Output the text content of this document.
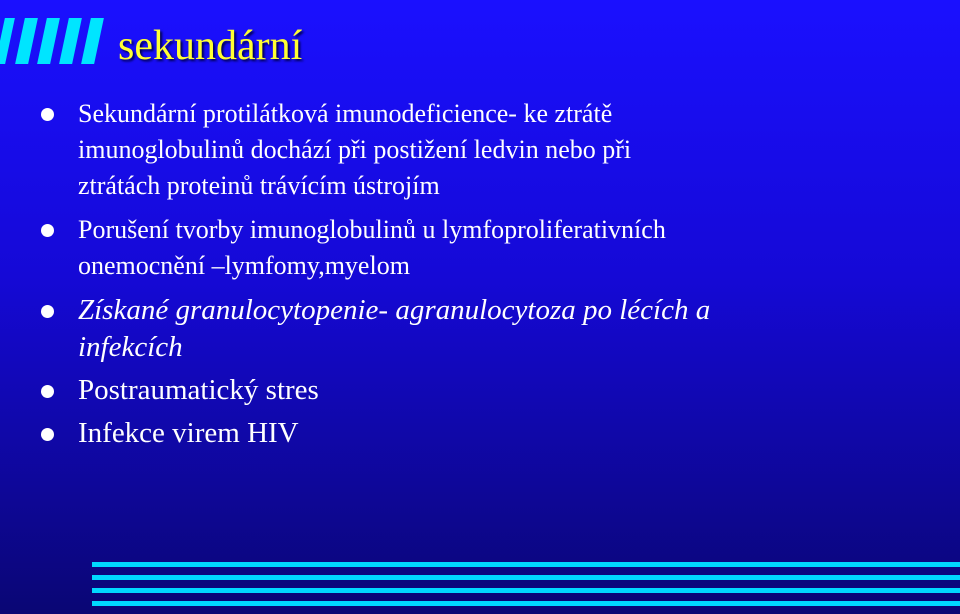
sekundární
Sekundární protilátková imunodeficience- ke ztrátě
imunoglobulinů dochází při postižení ledvin nebo při
ztrátách proteinů trávícím ústrojím
Porušení tvorby imunoglobulinů u lymfoproliferativních
onemocnění –lymfomy,myelom
Získané granulocytopenie- agranulocytoza po lécích a
infekcích
Postraumatický stres
Infekce virem HIV
